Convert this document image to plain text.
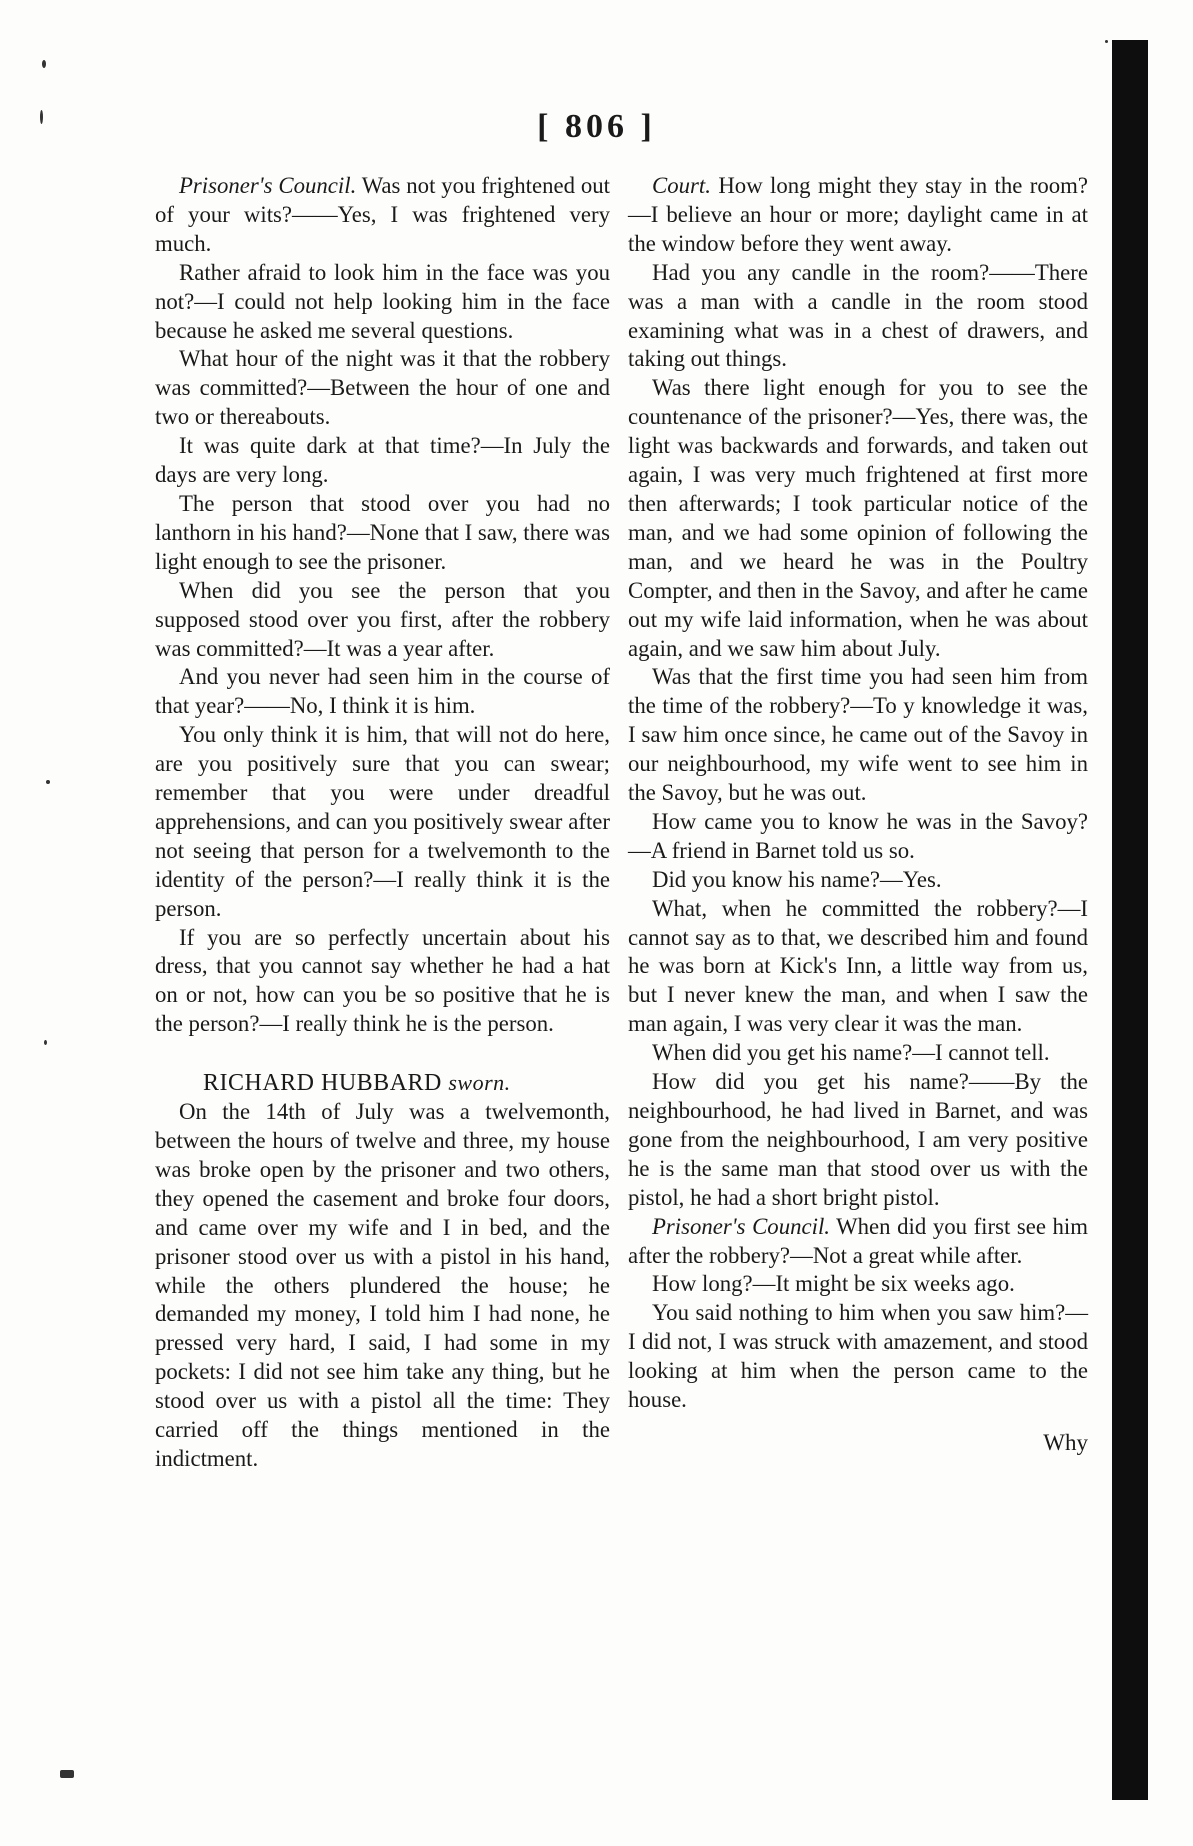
[ 806 ]

Prisoner's Council. Was not you frightened out of your wits?——Yes, I was frightened very much.

Rather afraid to look him in the face was you not?—I could not help looking him in the face because he asked me several questions.

What hour of the night was it that the robbery was committed?—Between the hour of one and two or thereabouts.

It was quite dark at that time?—In July the days are very long.

The person that stood over you had no lanthorn in his hand?—None that I saw, there was light enough to see the prisoner.

When did you see the person that you supposed stood over you first, after the robbery was committed?—It was a year after.

And you never had seen him in the course of that year?——No, I think it is him.

You only think it is him, that will not do here, are you positively sure that you can swear; remember that you were under dreadful apprehensions, and can you positively swear after not seeing that person for a twelvemonth to the identity of the person?—I really think it is the person.

If you are so perfectly uncertain about his dress, that you cannot say whether he had a hat on or not, how can you be so positive that he is the person?—I really think he is the person.

RICHARD HUBBARD sworn.

On the 14th of July was a twelvemonth, between the hours of twelve and three, my house was broke open by the prisoner and two others, they opened the casement and broke four doors, and came over my wife and I in bed, and the prisoner stood over us with a pistol in his hand, while the others plundered the house; he demanded my money, I told him I had none, he pressed very hard, I said, I had some in my pockets: I did not see him take any thing, but he stood over us with a pistol all the time: They carried off the things mentioned in the indictment.

Court. How long might they stay in the room?—I believe an hour or more; daylight came in at the window before they went away.

Had you any candle in the room?——There was a man with a candle in the room stood examining what was in a chest of drawers, and taking out things.

Was there light enough for you to see the countenance of the prisoner?—Yes, there was, the light was backwards and forwards, and taken out again, I was very much frightened at first more then afterwards; I took particular notice of the man, and we had some opinion of following the man, and we heard he was in the Poultry Compter, and then in the Savoy, and after he came out my wife laid information, when he was about again, and we saw him about July.

Was that the first time you had seen him from the time of the robbery?—To y knowledge it was, I saw him once since, he came out of the Savoy in our neighbourhood, my wife went to see him in the Savoy, but he was out.

How came you to know he was in the Savoy?—A friend in Barnet told us so.

Did you know his name?—Yes.

What, when he committed the robbery?—I cannot say as to that, we described him and found he was born at Kick's Inn, a little way from us, but I never knew the man, and when I saw the man again, I was very clear it was the man.

When did you get his name?—I cannot tell.

How did you get his name?——By the neighbourhood, he had lived in Barnet, and was gone from the neighbourhood, I am very positive he is the same man that stood over us with the pistol, he had a short bright pistol.

Prisoner's Council. When did you first see him after the robbery?—Not a great while after.

How long?—It might be six weeks ago.

You said nothing to him when you saw him?—I did not, I was struck with amazement, and stood looking at him when the person came to the house.

Why
